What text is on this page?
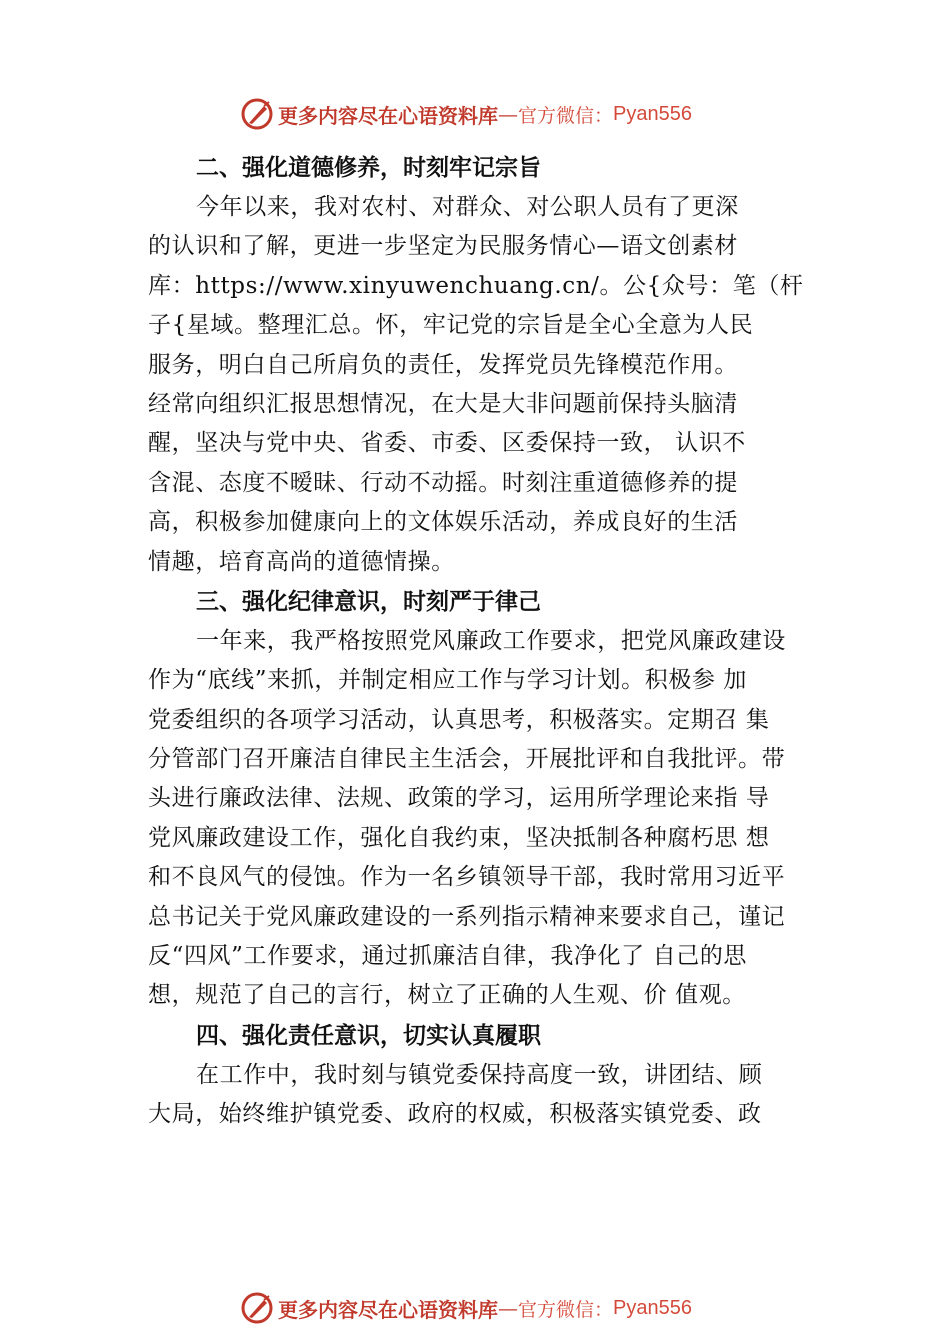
更多内容尽在心语资料库 — 官方微信： Pyan556
二、强化道德修养，时刻牢记宗旨

今年以来，我对农村、对群众、对公职人员有了更深

的认识和了解，更进一步坚定为民服务情心—语文创素材

库：https://www.xinyuwenchuang.cn/。公{众号：笔（杆

子{星域。整理汇总。怀，牢记党的宗旨是全心全意为人民

服务，明白自己所肩负的责任，发挥党员先锋模范作用。

经常向组织汇报思想情况，在大是大非问题前保持头脑清

醒，坚决与党中央、省委、市委、区委保持一致， 认识不

含混、态度不暧昧、行动不动摇。时刻注重道德修养的提

高，积极参加健康向上的文体娱乐活动，养成良好的生活

情趣，培育高尚的道德情操。

三、强化纪律意识，时刻严于律己

一年来，我严格按照党风廉政工作要求，把党风廉政建设

作为“底线”来抓，并制定相应工作与学习计划。积极参 加

党委组织的各项学习活动，认真思考，积极落实。定期召 集

分管部门召开廉洁自律民主生活会，开展批评和自我批评。带

头进行廉政法律、法规、政策的学习，运用所学理论来指 导

党风廉政建设工作，强化自我约束，坚决抵制各种腐朽思 想

和不良风气的侵蚀。作为一名乡镇领导干部，我时常用习近平

总书记关于党风廉政建设的一系列指示精神来要求自己，谨记

反“四风”工作要求，通过抓廉洁自律，我净化了 自己的思

想，规范了自己的言行，树立了正确的人生观、价 值观。

四、强化责任意识，切实认真履职

在工作中，我时刻与镇党委保持高度一致，讲团结、顾

大局，始终维护镇党委、政府的权威，积极落实镇党委、政

更多内容尽在心语资料库 — 官方微信： Pyan556
